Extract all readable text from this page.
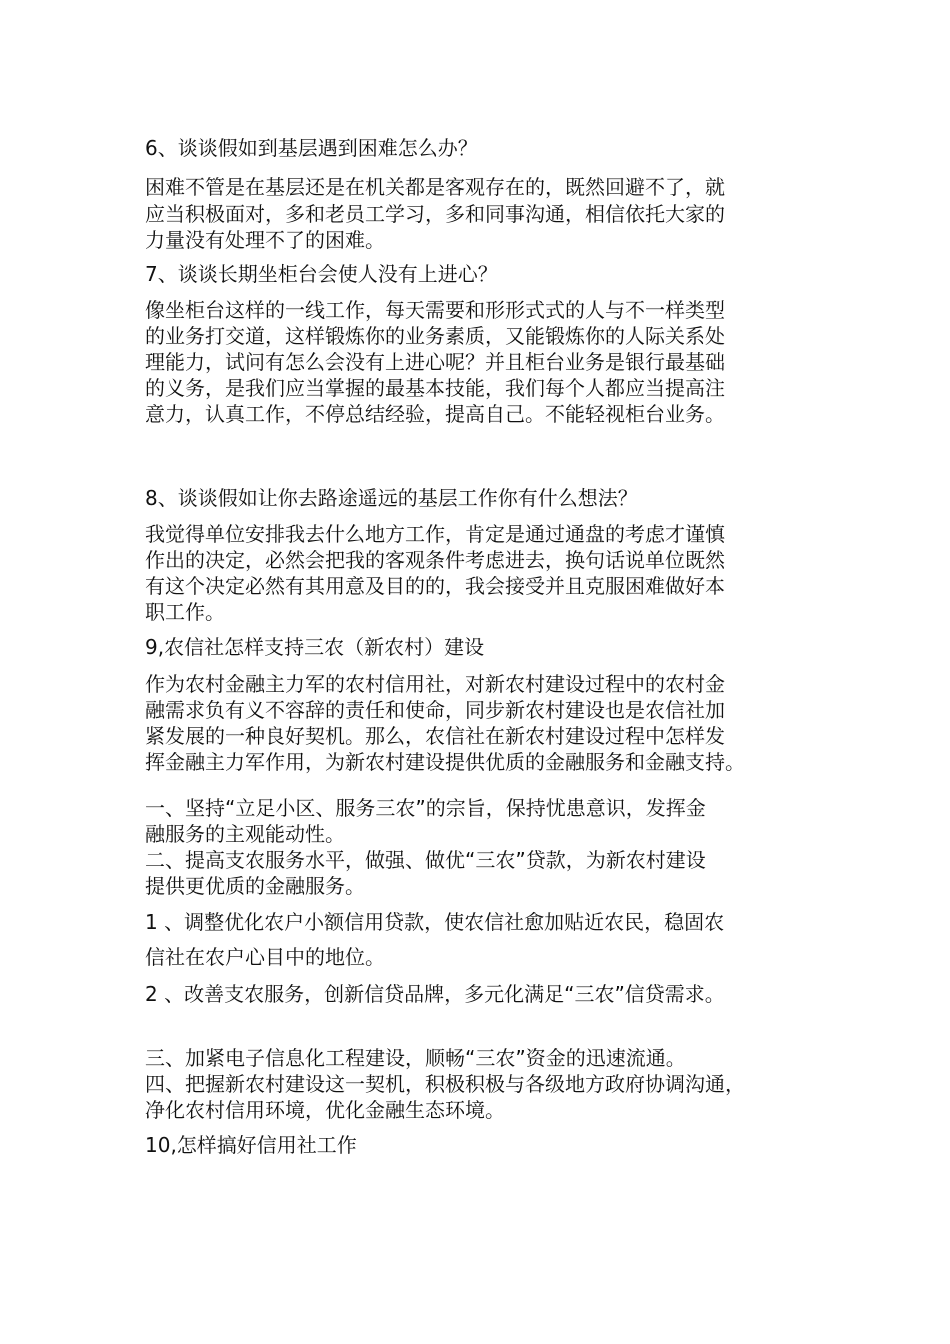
6、谈谈假如到基层遇到困难怎么办？
困难不管是在基层还是在机关都是客观存在的，既然回避不了，就
应当积极面对，多和老员工学习，多和同事沟通，相信依托大家的
力量没有处理不了的困难。
7、谈谈长期坐柜台会使人没有上进心？
像坐柜台这样的一线工作，每天需要和形形式式的人与不一样类型
的业务打交道，这样锻炼你的业务素质，又能锻炼你的人际关系处
理能力，试问有怎么会没有上进心呢？并且柜台业务是银行最基础
的义务，是我们应当掌握的最基本技能，我们每个人都应当提高注
意力，认真工作，不停总结经验，提高自己。不能轻视柜台业务。
8、谈谈假如让你去路途遥远的基层工作你有什么想法？
我觉得单位安排我去什么地方工作，肯定是通过通盘的考虑才谨慎
作出的决定，必然会把我的客观条件考虑进去，换句话说单位既然
有这个决定必然有其用意及目的的，我会接受并且克服困难做好本
职工作。
9,农信社怎样支持三农（新农村）建设
作为农村金融主力军的农村信用社，对新农村建设过程中的农村金
融需求负有义不容辞的责任和使命，同步新农村建设也是农信社加
紧发展的一种良好契机。那么，农信社在新农村建设过程中怎样发
挥金融主力军作用，为新农村建设提供优质的金融服务和金融支持。
一、坚持“立足小区、服务三农”的宗旨，保持忧患意识，发挥金
融服务的主观能动性。
二、提高支农服务水平，做强、做优“三农”贷款，为新农村建设
提供更优质的金融服务。
1 、调整优化农户小额信用贷款，使农信社愈加贴近农民，稳固农
信社在农户心目中的地位。
2 、改善支农服务，创新信贷品牌，多元化满足“三农”信贷需求。
三、加紧电子信息化工程建设，顺畅“三农”资金的迅速流通。
四、把握新农村建设这一契机，积极积极与各级地方政府协调沟通，
净化农村信用环境，优化金融生态环境。
10,怎样搞好信用社工作
